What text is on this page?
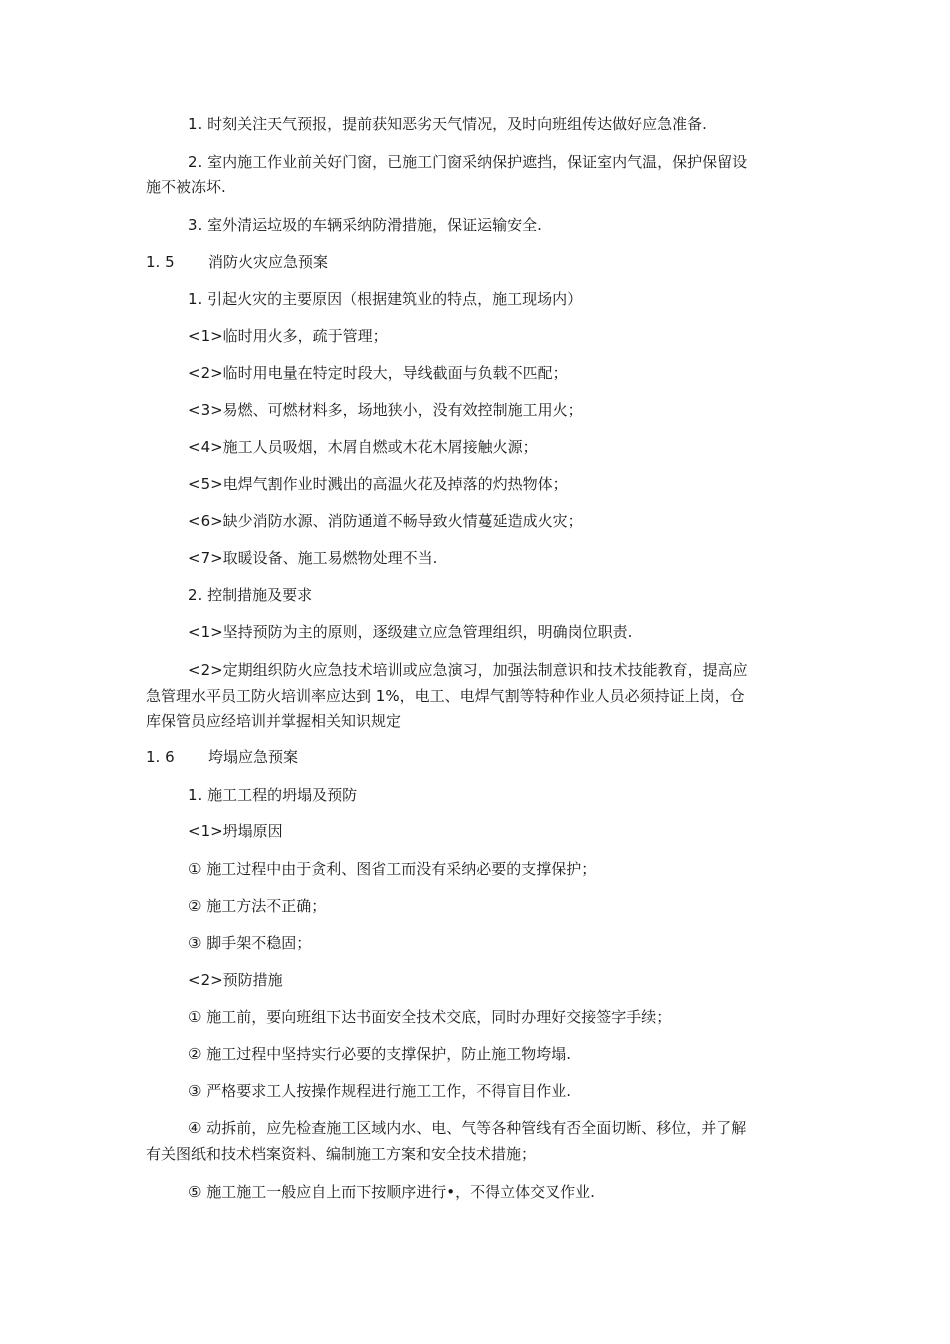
1. 时刻关注天气预报，提前获知恶劣天气情况，及时向班组传达做好应急准备.
2. 室内施工作业前关好门窗，已施工门窗采纳保护遮挡，保证室内气温，保护保留设
施不被冻坏.
3. 室外清运垃圾的车辆采纳防滑措施，保证运输安全.
1. 5 消防火灾应急预案
1. 引起火灾的主要原因（根据建筑业的特点，施工现场内）
<1>临时用火多，疏于管理；
<2>临时用电量在特定时段大，导线截面与负载不匹配；
<3>易燃、可燃材料多，场地狭小，没有效控制施工用火；
<4>施工人员吸烟，木屑自燃或木花木屑接触火源；
<5>电焊气割作业时溅出的高温火花及掉落的灼热物体；
<6>缺少消防水源、消防通道不畅导致火情蔓延造成火灾；
<7>取暖设备、施工易燃物处理不当.
2. 控制措施及要求
<1>坚持预防为主的原则，逐级建立应急管理组织，明确岗位职责.
<2>定期组织防火应急技术培训或应急演习，加强法制意识和技术技能教育，提高应
急管理水平员工防火培训率应达到 1%，电工、电焊气割等特种作业人员必须持证上岗，仓
库保管员应经培训并掌握相关知识规定
1. 6 垮塌应急预案
1. 施工工程的坍塌及预防
<1>坍塌原因
① 施工过程中由于贪利、图省工而没有采纳必要的支撑保护；
② 施工方法不正确；
③ 脚手架不稳固；
<2>预防措施
① 施工前，要向班组下达书面安全技术交底，同时办理好交接签字手续；
② 施工过程中坚持实行必要的支撑保护，防止施工物垮塌.
③ 严格要求工人按操作规程进行施工工作，不得盲目作业.
④ 动拆前，应先检查施工区域内水、电、气等各种管线有否全面切断、移位，并了解
有关图纸和技术档案资料、编制施工方案和安全技术措施；
⑤ 施工施工一般应自上而下按顺序进行•，不得立体交叉作业.
